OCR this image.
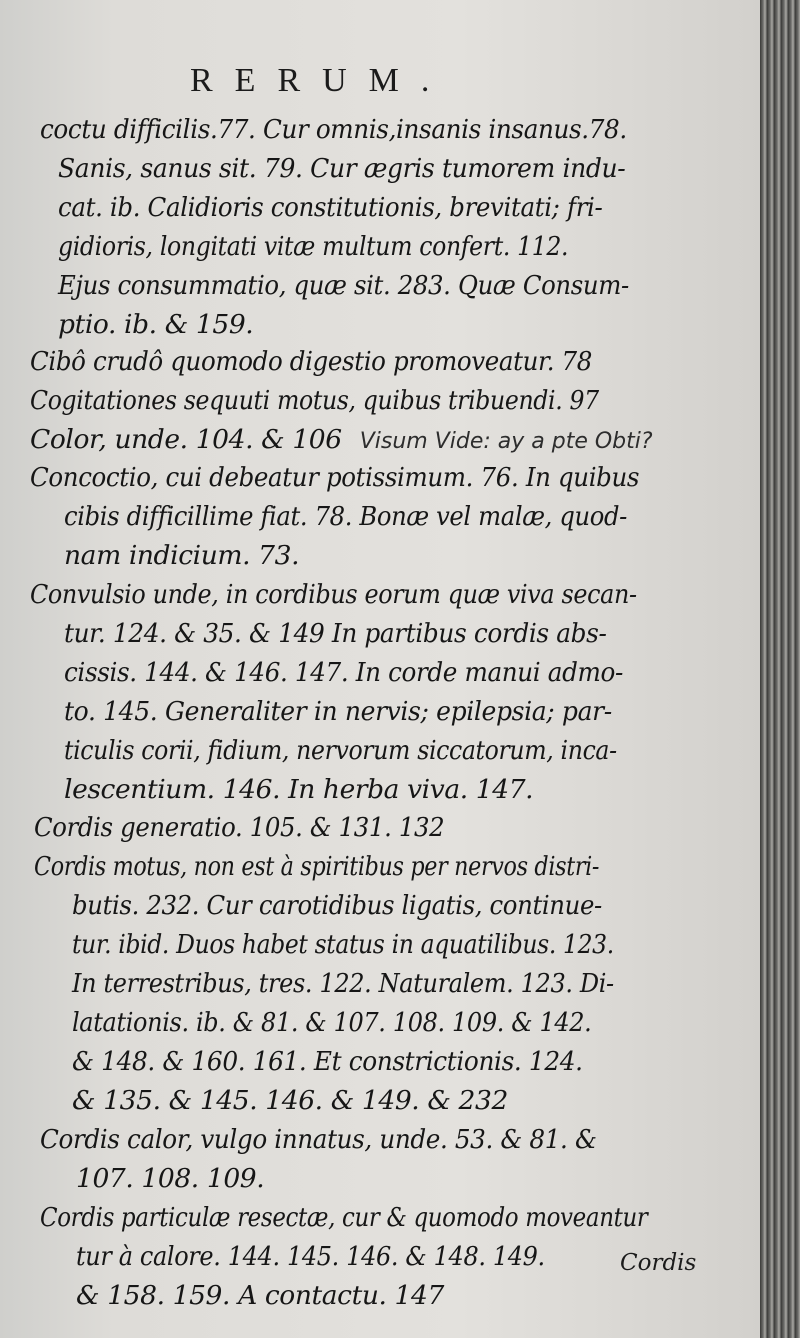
RERUM.
coctu difficilis.77. Cur omnis,insanis insanus.78.
Sanis, sanus sit. 79. Cur ægris tumorem indu-
cat. ib. Calidioris constitutionis, brevitati; fri-
gidioris, longitati vitæ multum confert. 112.
Ejus consummatio, quæ sit. 283. Quæ Consum-
ptio. ib. & 159.
Cibô crudô quomodo digestio promoveatur. 78
Cogitationes sequuti motus, quibus tribuendi. 97
Color, unde. 104. & 106 Visum Vide: ay a pte Obti?
Concoctio, cui debeatur potissimum. 76. In quibus
cibis difficillime fiat. 78. Bonæ vel malæ, quod-
nam indicium. 73.
Convulsio unde, in cordibus eorum quæ viva secan-
tur. 124. & 35. & 149 In partibus cordis abs-
cissis. 144. & 146. 147. In corde manui admo-
to. 145. Generaliter in nervis; epilepsia; par-
ticulis corii, fidium, nervorum siccatorum, inca-
lescentium. 146. In herba viva. 147.
Cordis generatio. 105. & 131. 132
Cordis motus, non est à spiritibus per nervos distri-
butis. 232. Cur carotidibus ligatis, continue-
tur. ibid. Duos habet status in aquatilibus. 123.
In terrestribus, tres. 122. Naturalem. 123. Di-
latationis. ib. & 81. & 107. 108. 109. & 142.
& 148. & 160. 161. Et constrictionis. 124.
& 135. & 145. 146. & 149. & 232
Cordis calor, vulgo innatus, unde. 53. & 81. &
107. 108. 109.
Cordis particulæ resectæ, cur & quomodo moveantur
tur à calore. 144. 145. 146. & 148. 149.
& 158. 159. A contactu. 147
Cordis
